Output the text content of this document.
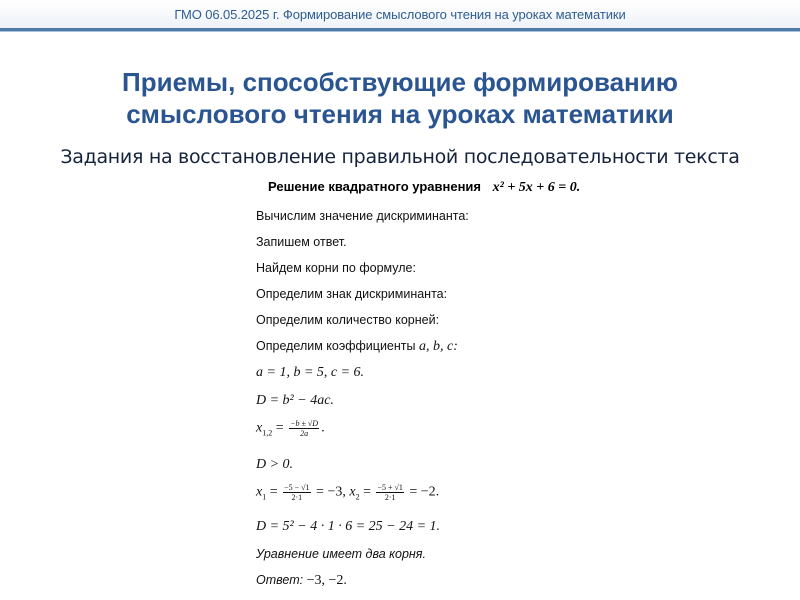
ГМО 06.05.2025 г. Формирование смыслового чтения на уроках математики
Приемы, способствующие формированию
смыслового чтения на уроках математики
Задания на восстановление правильной последовательности текста
Решение квадратного уравнения x² + 5x + 6 = 0.
Вычислим значение дискриминанта:
Запишем ответ.
Найдем корни по формуле:
Определим знак дискриминанта:
Определим количество корней:
Определим коэффициенты a, b, c:
a = 1, b = 5, c = 6.
D = b² − 4ac.
$x_{1,2} = \frac{-b \pm √D}{2a}$ .
D > 0.
$x_1 = \frac{-5 - √1}{2\cdot 1} = -3$, $x_2 = \frac{-5 + √1}{2\cdot 1} = -2$.
D = 5² − 4 · 1 · 6 = 25 − 24 = 1.
Уравнение имеет два корня.
Ответ: −3, −2.
